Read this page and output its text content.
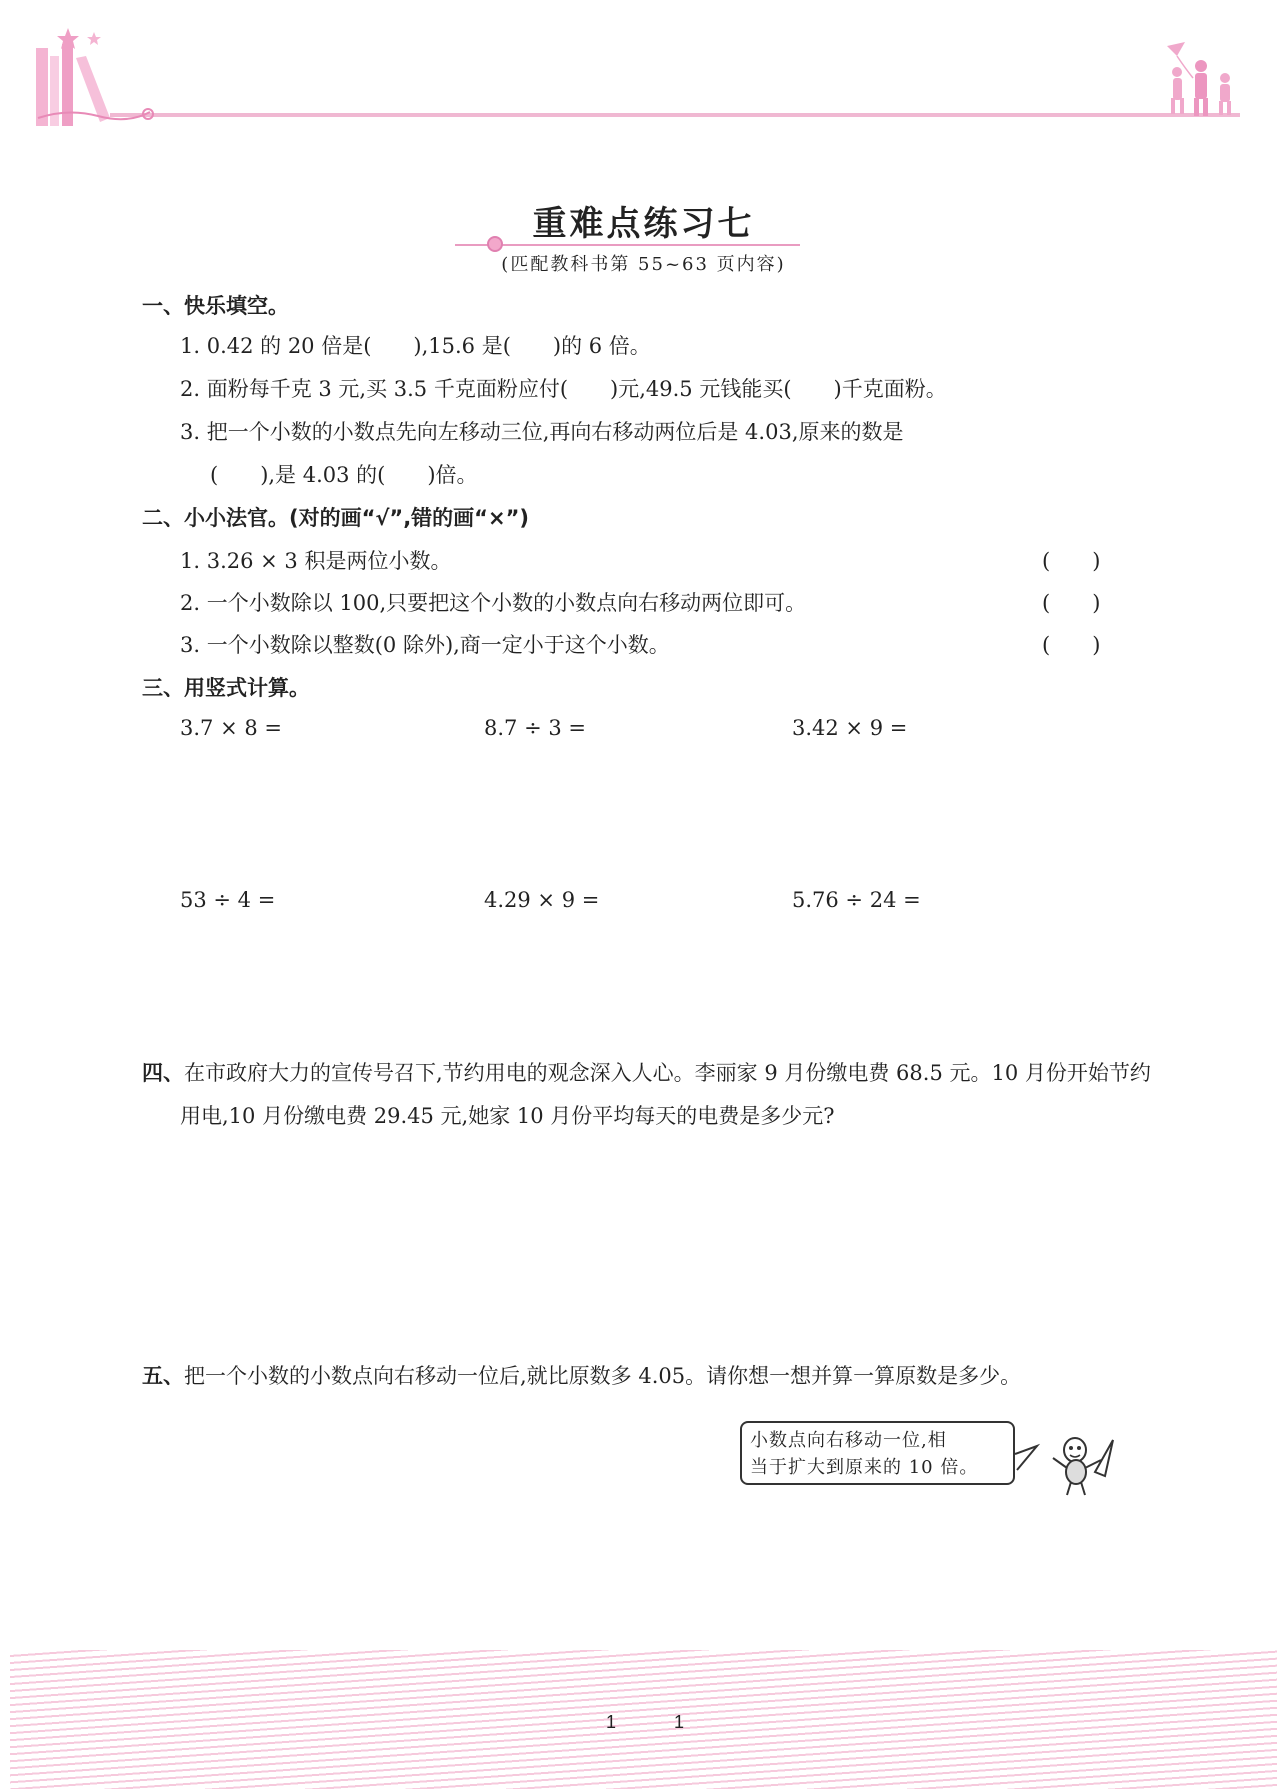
重难点练习七
(匹配教科书第 55~63 页内容)
一、快乐填空。
1. 0.42 的 20 倍是(　　),15.6 是(　　)的 6 倍。
2. 面粉每千克 3 元,买 3.5 千克面粉应付(　　)元,49.5 元钱能买(　　)千克面粉。
3. 把一个小数的小数点先向左移动三位,再向右移动两位后是 4.03,原来的数是
(　　),是 4.03 的(　　)倍。
二、小小法官。(对的画“√”,错的画“×”)
1. 3.26 × 3 积是两位小数。	(　　)
2. 一个小数除以 100,只要把这个小数的小数点向右移动两位即可。	(　　)
3. 一个小数除以整数(0 除外),商一定小于这个小数。	(　　)
三、用竖式计算。
3.7 × 8 =	8.7 ÷ 3 =	3.42 × 9 =
53 ÷ 4 =	4.29 × 9 =	5.76 ÷ 24 =
四、在市政府大力的宣传号召下,节约用电的观念深入人心。李丽家 9 月份缴电费 68.5 元。10 月份开始节约用电,10 月份缴电费 29.45 元,她家 10 月份平均每天的电费是多少元?
五、把一个小数的小数点向右移动一位后,就比原数多 4.05。请你想一想并算一算原数是多少。
小数点向右移动一位,相
当于扩大到原来的 10 倍。
1	1
